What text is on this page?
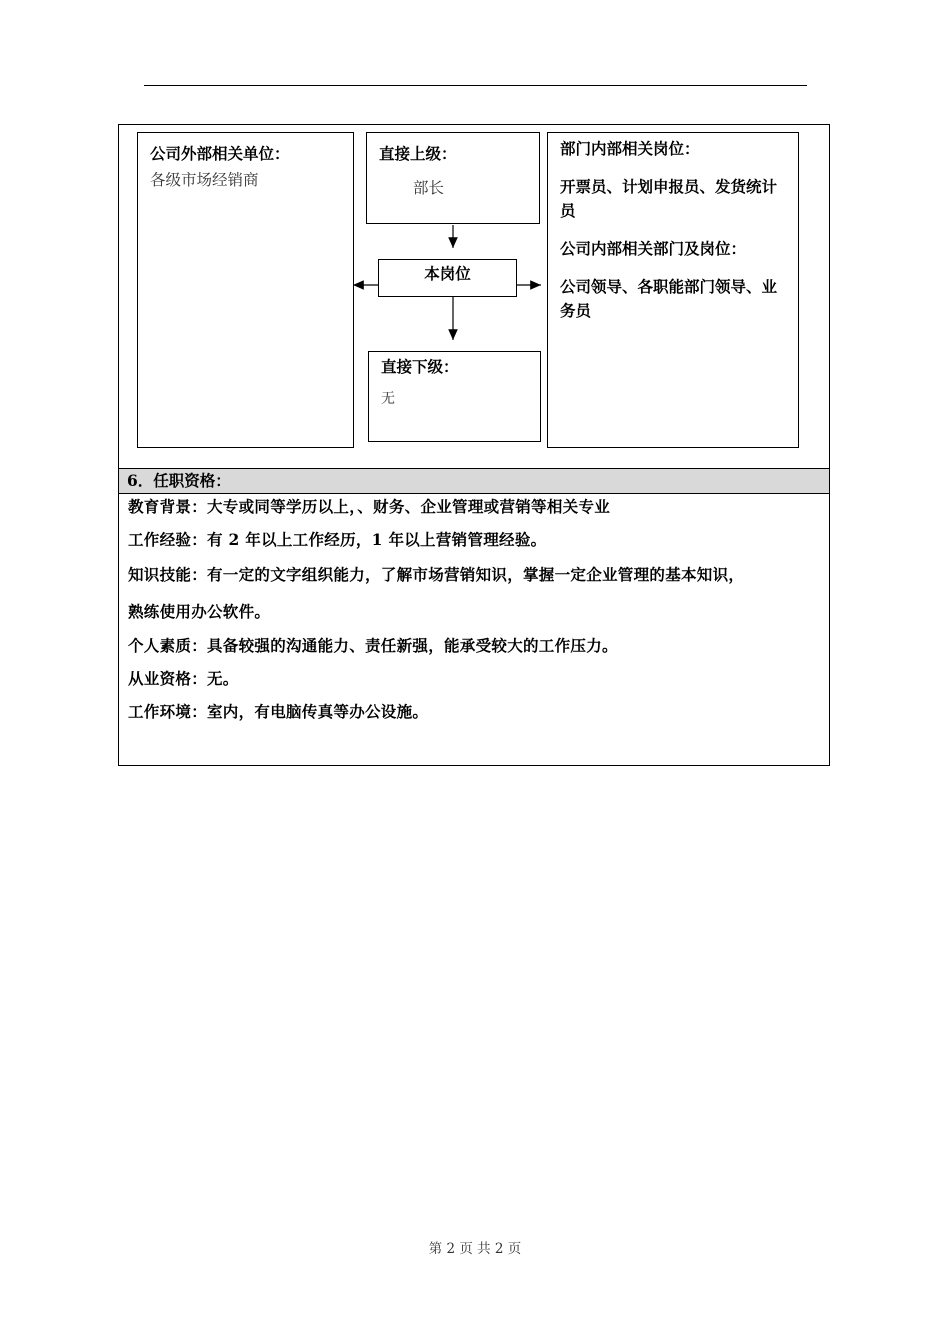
公司外部相关单位：
各级市场经销商
直接上级：
部长
本岗位
直接下级：
无
部门内部相关岗位：
开票员、计划申报员、发货统计
员
公司内部相关部门及岗位：
公司领导、各职能部门领导、业
务员
6．任职资格：
教育背景：大专或同等学历以上，、财务、企业管理或营销等相关专业
工作经验：有 2 年以上工作经历，1 年以上营销管理经验。
知识技能：有一定的文字组织能力，了解市场营销知识，掌握一定企业管理的基本知识，
熟练使用办公软件。
个人素质：具备较强的沟通能力、责任新强，能承受较大的工作压力。
从业资格：无。
工作环境：室内，有电脑传真等办公设施。
第 2 页 共 2 页
